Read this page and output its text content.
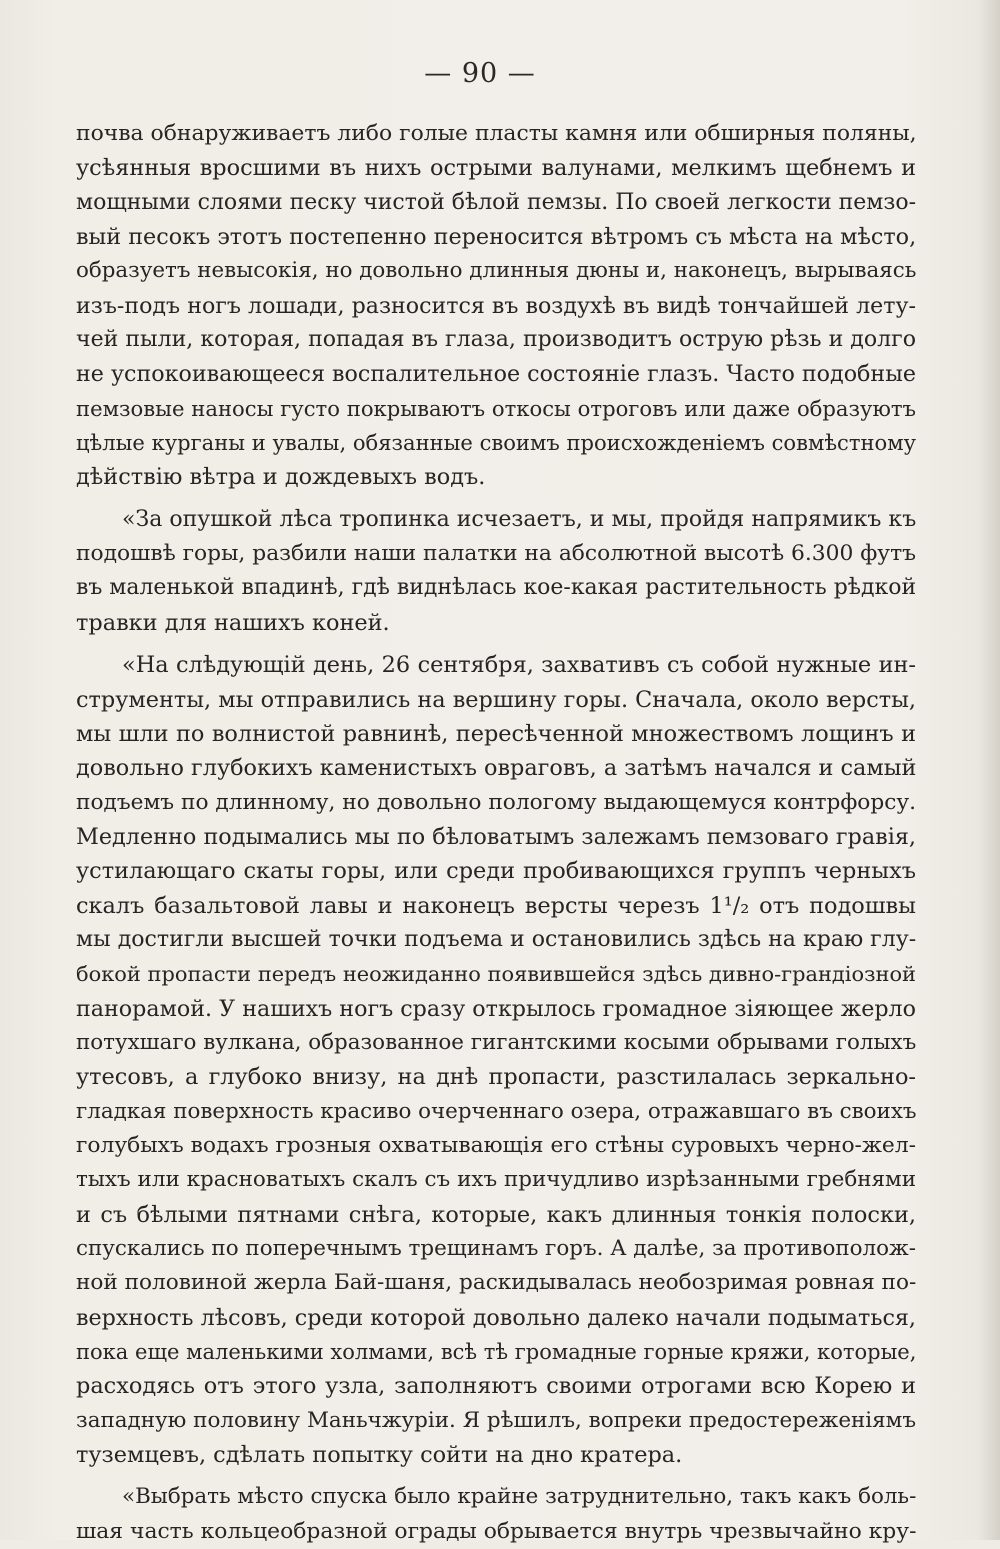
— 90 —
почва обнаруживаетъ либо голые пласты камня или обширныя поляны,
усѣянныя вросшими въ нихъ острыми валунами, мелкимъ щебнемъ и
мощными слоями песку чистой бѣлой пемзы. По своей легкости пемзо-
вый песокъ этотъ постепенно переносится вѣтромъ съ мѣста на мѣсто,
образуетъ невысокія, но довольно длинныя дюны и, наконецъ, вырываясь
изъ-подъ ногъ лошади, разносится въ воздухѣ въ видѣ тончайшей лету-
чей пыли, которая, попадая въ глаза, производитъ острую рѣзь и долго
не успокоивающееся воспалительное состояніе глазъ. Часто подобные
пемзовые наносы густо покрываютъ откосы отроговъ или даже образуютъ
цѣлые курганы и увалы, обязанные своимъ происхожденіемъ совмѣстному
дѣйствію вѣтра и дождевыхъ водъ.
«За опушкой лѣса тропинка исчезаетъ, и мы, пройдя напрямикъ къ
подошвѣ горы, разбили наши палатки на абсолютной высотѣ 6.300 футъ
въ маленькой впадинѣ, гдѣ виднѣлась кое-какая растительность рѣдкой
травки для нашихъ коней.
«На слѣдующій день, 26 сентября, захвативъ съ собой нужные ин-
струменты, мы отправились на вершину горы. Сначала, около версты,
мы шли по волнистой равнинѣ, пересѣченной множествомъ лощинъ и
довольно глубокихъ каменистыхъ овраговъ, а затѣмъ начался и самый
подъемъ по длинному, но довольно пологому выдающемуся контрфорсу.
Медленно подымались мы по бѣловатымъ залежамъ пемзоваго гравія,
устилающаго скаты горы, или среди пробивающихся группъ черныхъ
скалъ базальтовой лавы и наконецъ версты черезъ 1¹/₂ отъ подошвы
мы достигли высшей точки подъема и остановились здѣсь на краю глу-
бокой пропасти передъ неожиданно появившейся здѣсь дивно-грандіозной
панорамой. У нашихъ ногъ сразу открылось громадное зіяющее жерло
потухшаго вулкана, образованное гигантскими косыми обрывами голыхъ
утесовъ, а глубоко внизу, на днѣ пропасти, разстилалась зеркально-
гладкая поверхность красиво очерченнаго озера, отражавшаго въ своихъ
голубыхъ водахъ грозныя охватывающія его стѣны суровыхъ черно-жел-
тыхъ или красноватыхъ скалъ съ ихъ причудливо изрѣзанными гребнями
и съ бѣлыми пятнами снѣга, которые, какъ длинныя тонкія полоски,
спускались по поперечнымъ трещинамъ горъ. А далѣе, за противополож-
ной половиной жерла Бай-шаня, раскидывалась необозримая ровная по-
верхность лѣсовъ, среди которой довольно далеко начали подыматься,
пока еще маленькими холмами, всѣ тѣ громадные горные кряжи, которые,
расходясь отъ этого узла, заполняютъ своими отрогами всю Корею и
западную половину Маньчжуріи. Я рѣшилъ, вопреки предостереженіямъ
туземцевъ, сдѣлать попытку сойти на дно кратера.
«Выбрать мѣсто спуска было крайне затруднительно, такъ какъ боль-
шая часть кольцеобразной ограды обрывается внутрь чрезвычайно кру-
